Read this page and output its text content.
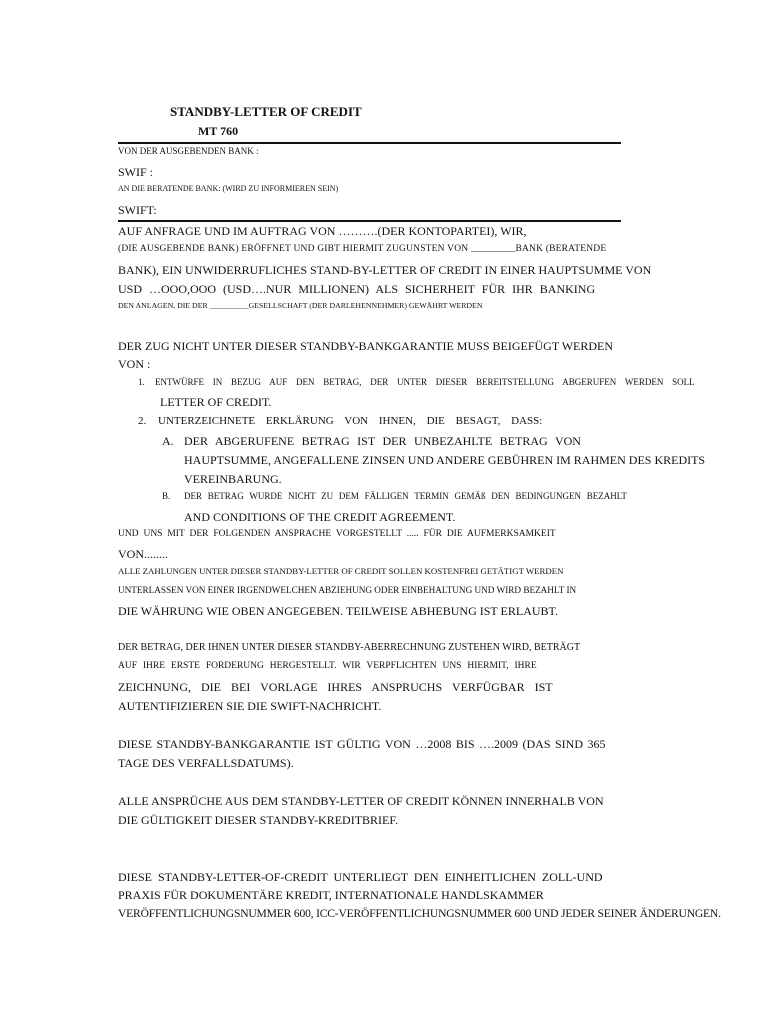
STANDBY-LETTER OF CREDIT
MT 760
VON DER AUSGEBENDEN BANK :
SWIF :
AN DIE BERATENDE BANK: (WIRD ZU INFORMIEREN SEIN)
SWIFT:
AUF ANFRAGE UND IM AUFTRAG VON ……….(DER KONTOPARTEI), WIR,
(DIE AUSGEBENDE BANK) ERÖFFNET UND GIBT HIERMIT ZUGUNSTEN VON _________BANK (BERATENDE
BANK), EIN UNWIDERRUFLICHES STAND-BY-LETTER OF CREDIT IN EINER HAUPTSUMME VON
USD …OOO,OOO (USD….NUR MILLIONEN) ALS SICHERHEIT FÜR IHR BANKING
DEN ANLAGEN, DIE DER __________GESELLSCHAFT (DER DARLEHENNEHMER) GEWÄHRT WERDEN
DER ZUG NICHT UNTER DIESER STANDBY-BANKGARANTIE MUSS BEIGEFÜGT WERDEN
VON :
1. ENTWÜRFE IN BEZUG AUF DEN BETRAG, DER UNTER DIESER BEREITSTELLUNG ABGERUFEN WERDEN SOLL
LETTER OF CREDIT.
2. UNTERZEICHNETE ERKLÄRUNG VON IHNEN, DIE BESAGT, DASS:
A. DER ABGERUFENE BETRAG IST DER UNBEZAHLTE BETRAG VON
HAUPTSUMME, ANGEFALLENE ZINSEN UND ANDERE GEBÜHREN IM RAHMEN DES KREDITS
VEREINBARUNG.
B. DER BETRAG WURDE NICHT ZU DEM FÄLLIGEN TERMIN GEMÄß DEN BEDINGUNGEN BEZAHLT
AND CONDITIONS OF THE CREDIT AGREEMENT.
UND UNS MIT DER FOLGENDEN ANSPRACHE VORGESTELLT ..... FÜR DIE AUFMERKSAMKEIT
VON........
ALLE ZAHLUNGEN UNTER DIESER STANDBY-LETTER OF CREDIT SOLLEN KOSTENFREI GETÄTIGT WERDEN
UNTERLASSEN VON EINER IRGENDWELCHEN ABZIEHUNG ODER EINBEHALTUNG UND WIRD BEZAHLT IN
DIE WÄHRUNG WIE OBEN ANGEGEBEN. TEILWEISE ABHEBUNG IST ERLAUBT.
DER BETRAG, DER IHNEN UNTER DIESER STANDBY-ABERRECHNUNG ZUSTEHEN WIRD, BETRÄGT
AUF IHRE ERSTE FORDERUNG HERGESTELLT. WIR VERPFLICHTEN UNS HIERMIT, IHRE
ZEICHNUNG, DIE BEI VORLAGE IHRES ANSPRUCHS VERFÜGBAR IST
AUTENTIFIZIEREN SIE DIE SWIFT-NACHRICHT.
DIESE STANDBY-BANKGARANTIE IST GÜLTIG VON …2008 BIS ….2009 (DAS SIND 365
TAGE DES VERFALLSDATUMS).
ALLE ANSPRÜCHE AUS DEM STANDBY-LETTER OF CREDIT KÖNNEN INNERHALB VON
DIE GÜLTIGKEIT DIESER STANDBY-KREDITBRIEF.
DIESE STANDBY-LETTER-OF-CREDIT UNTERLIEGT DEN EINHEITLICHEN ZOLL-UND
PRAXIS FÜR DOKUMENTÄRE KREDIT, INTERNATIONALE HANDLSKAMMER
VERÖFFENTLICHUNGSNUMMER 600, ICC-VERÖFFENTLICHUNGSNUMMER 600 UND JEDER SEINER ÄNDERUNGEN.
